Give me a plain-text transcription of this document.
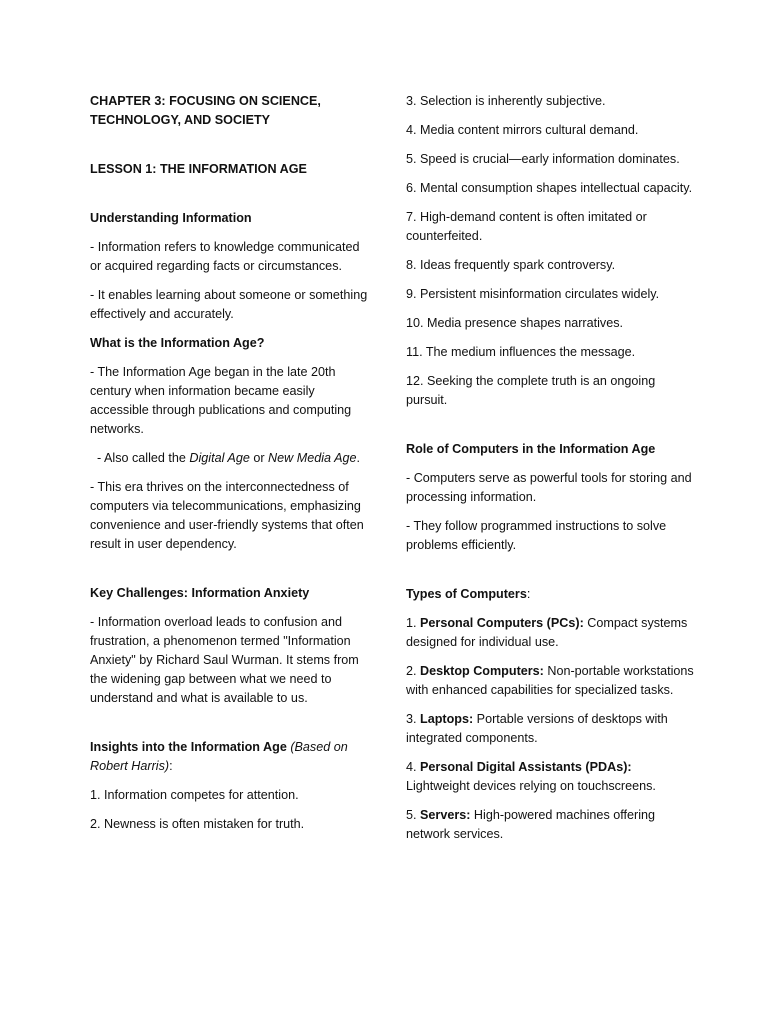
CHAPTER 3: FOCUSING ON SCIENCE, TECHNOLOGY, AND SOCIETY

LESSON 1: THE INFORMATION AGE

Understanding Information

- Information refers to knowledge communicated or acquired regarding facts or circumstances.

- It enables learning about someone or something effectively and accurately.

What is the Information Age?

- The Information Age began in the late 20th century when information became easily accessible through publications and computing networks.

- Also called the Digital Age or New Media Age.

- This era thrives on the interconnectedness of computers via telecommunications, emphasizing convenience and user-friendly systems that often result in user dependency.

Key Challenges: Information Anxiety

- Information overload leads to confusion and frustration, a phenomenon termed "Information Anxiety" by Richard Saul Wurman. It stems from the widening gap between what we need to understand and what is available to us.

Insights into the Information Age (Based on Robert Harris):

1. Information competes for attention.

2. Newness is often mistaken for truth.

3. Selection is inherently subjective.

4. Media content mirrors cultural demand.

5. Speed is crucial—early information dominates.

6. Mental consumption shapes intellectual capacity.

7. High-demand content is often imitated or counterfeited.

8. Ideas frequently spark controversy.

9. Persistent misinformation circulates widely.

10. Media presence shapes narratives.

11. The medium influences the message.

12. Seeking the complete truth is an ongoing pursuit.

Role of Computers in the Information Age

- Computers serve as powerful tools for storing and processing information.

- They follow programmed instructions to solve problems efficiently.

Types of Computers:

1. Personal Computers (PCs): Compact systems designed for individual use.

2. Desktop Computers: Non-portable workstations with enhanced capabilities for specialized tasks.

3. Laptops: Portable versions of desktops with integrated components.

4. Personal Digital Assistants (PDAs): Lightweight devices relying on touchscreens.

5. Servers: High-powered machines offering network services.
